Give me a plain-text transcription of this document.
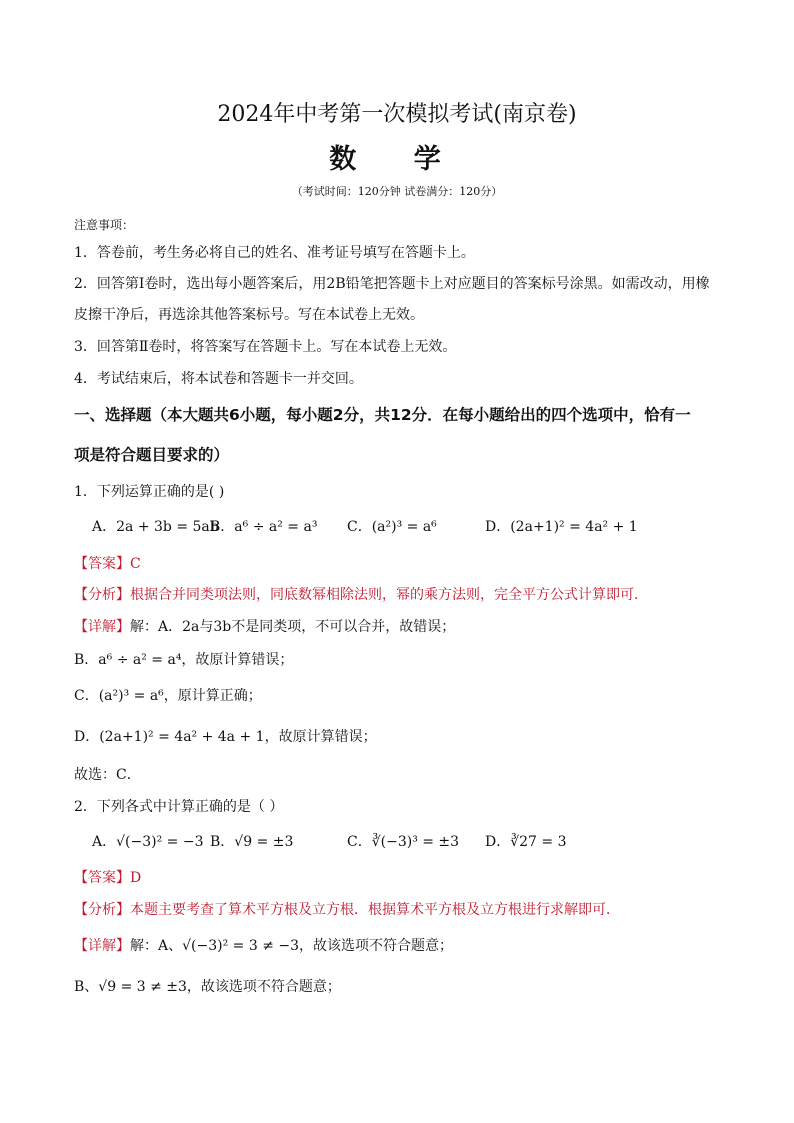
2024年中考第一次模拟考试(南京卷)
数 学
（考试时间：120分钟 试卷满分：120分）
注意事项：
1．答卷前，考生务必将自己的姓名、准考证号填写在答题卡上。
2．回答第Ⅰ卷时，选出每小题答案后，用2B铅笔把答题卡上对应题目的答案标号涂黑。如需改动，用橡
皮擦干净后，再选涂其他答案标号。写在本试卷上无效。
3．回答第Ⅱ卷时，将答案写在答题卡上。写在本试卷上无效。
4．考试结束后，将本试卷和答题卡一并交回。
一、选择题（本大题共6小题，每小题2分，共12分．在每小题给出的四个选项中，恰有一
项是符合题目要求的）
1．下列运算正确的是( )
A．2a + 3b = 5ab
B．a⁶ ÷ a² = a³ C．(a²)³ = a⁶	D．(2a+1)² = 4a² + 1
【答案】C
【分析】根据合并同类项法则，同底数幂相除法则，幂的乘方法则，完全平方公式计算即可．
【详解】解：A．2a与3b不是同类项，不可以合并，故错误；
B．a⁶ ÷ a² = a⁴，故原计算错误；
C．(a²)³ = a⁶，原计算正确；
D．(2a+1)² = 4a² + 4a + 1，故原计算错误；
故选：C．
2．下列各式中计算正确的是（ ）
A．√(−3)² = −3 B．√9 = ±3	C．∛(−3)³ = ±3 D．∛27 = 3
【答案】D
【分析】本题主要考查了算术平方根及立方根．根据算术平方根及立方根进行求解即可．
【详解】解：A、√(−3)² = 3 ≠ −3，故该选项不符合题意；
B、√9 = 3 ≠ ±3，故该选项不符合题意；
